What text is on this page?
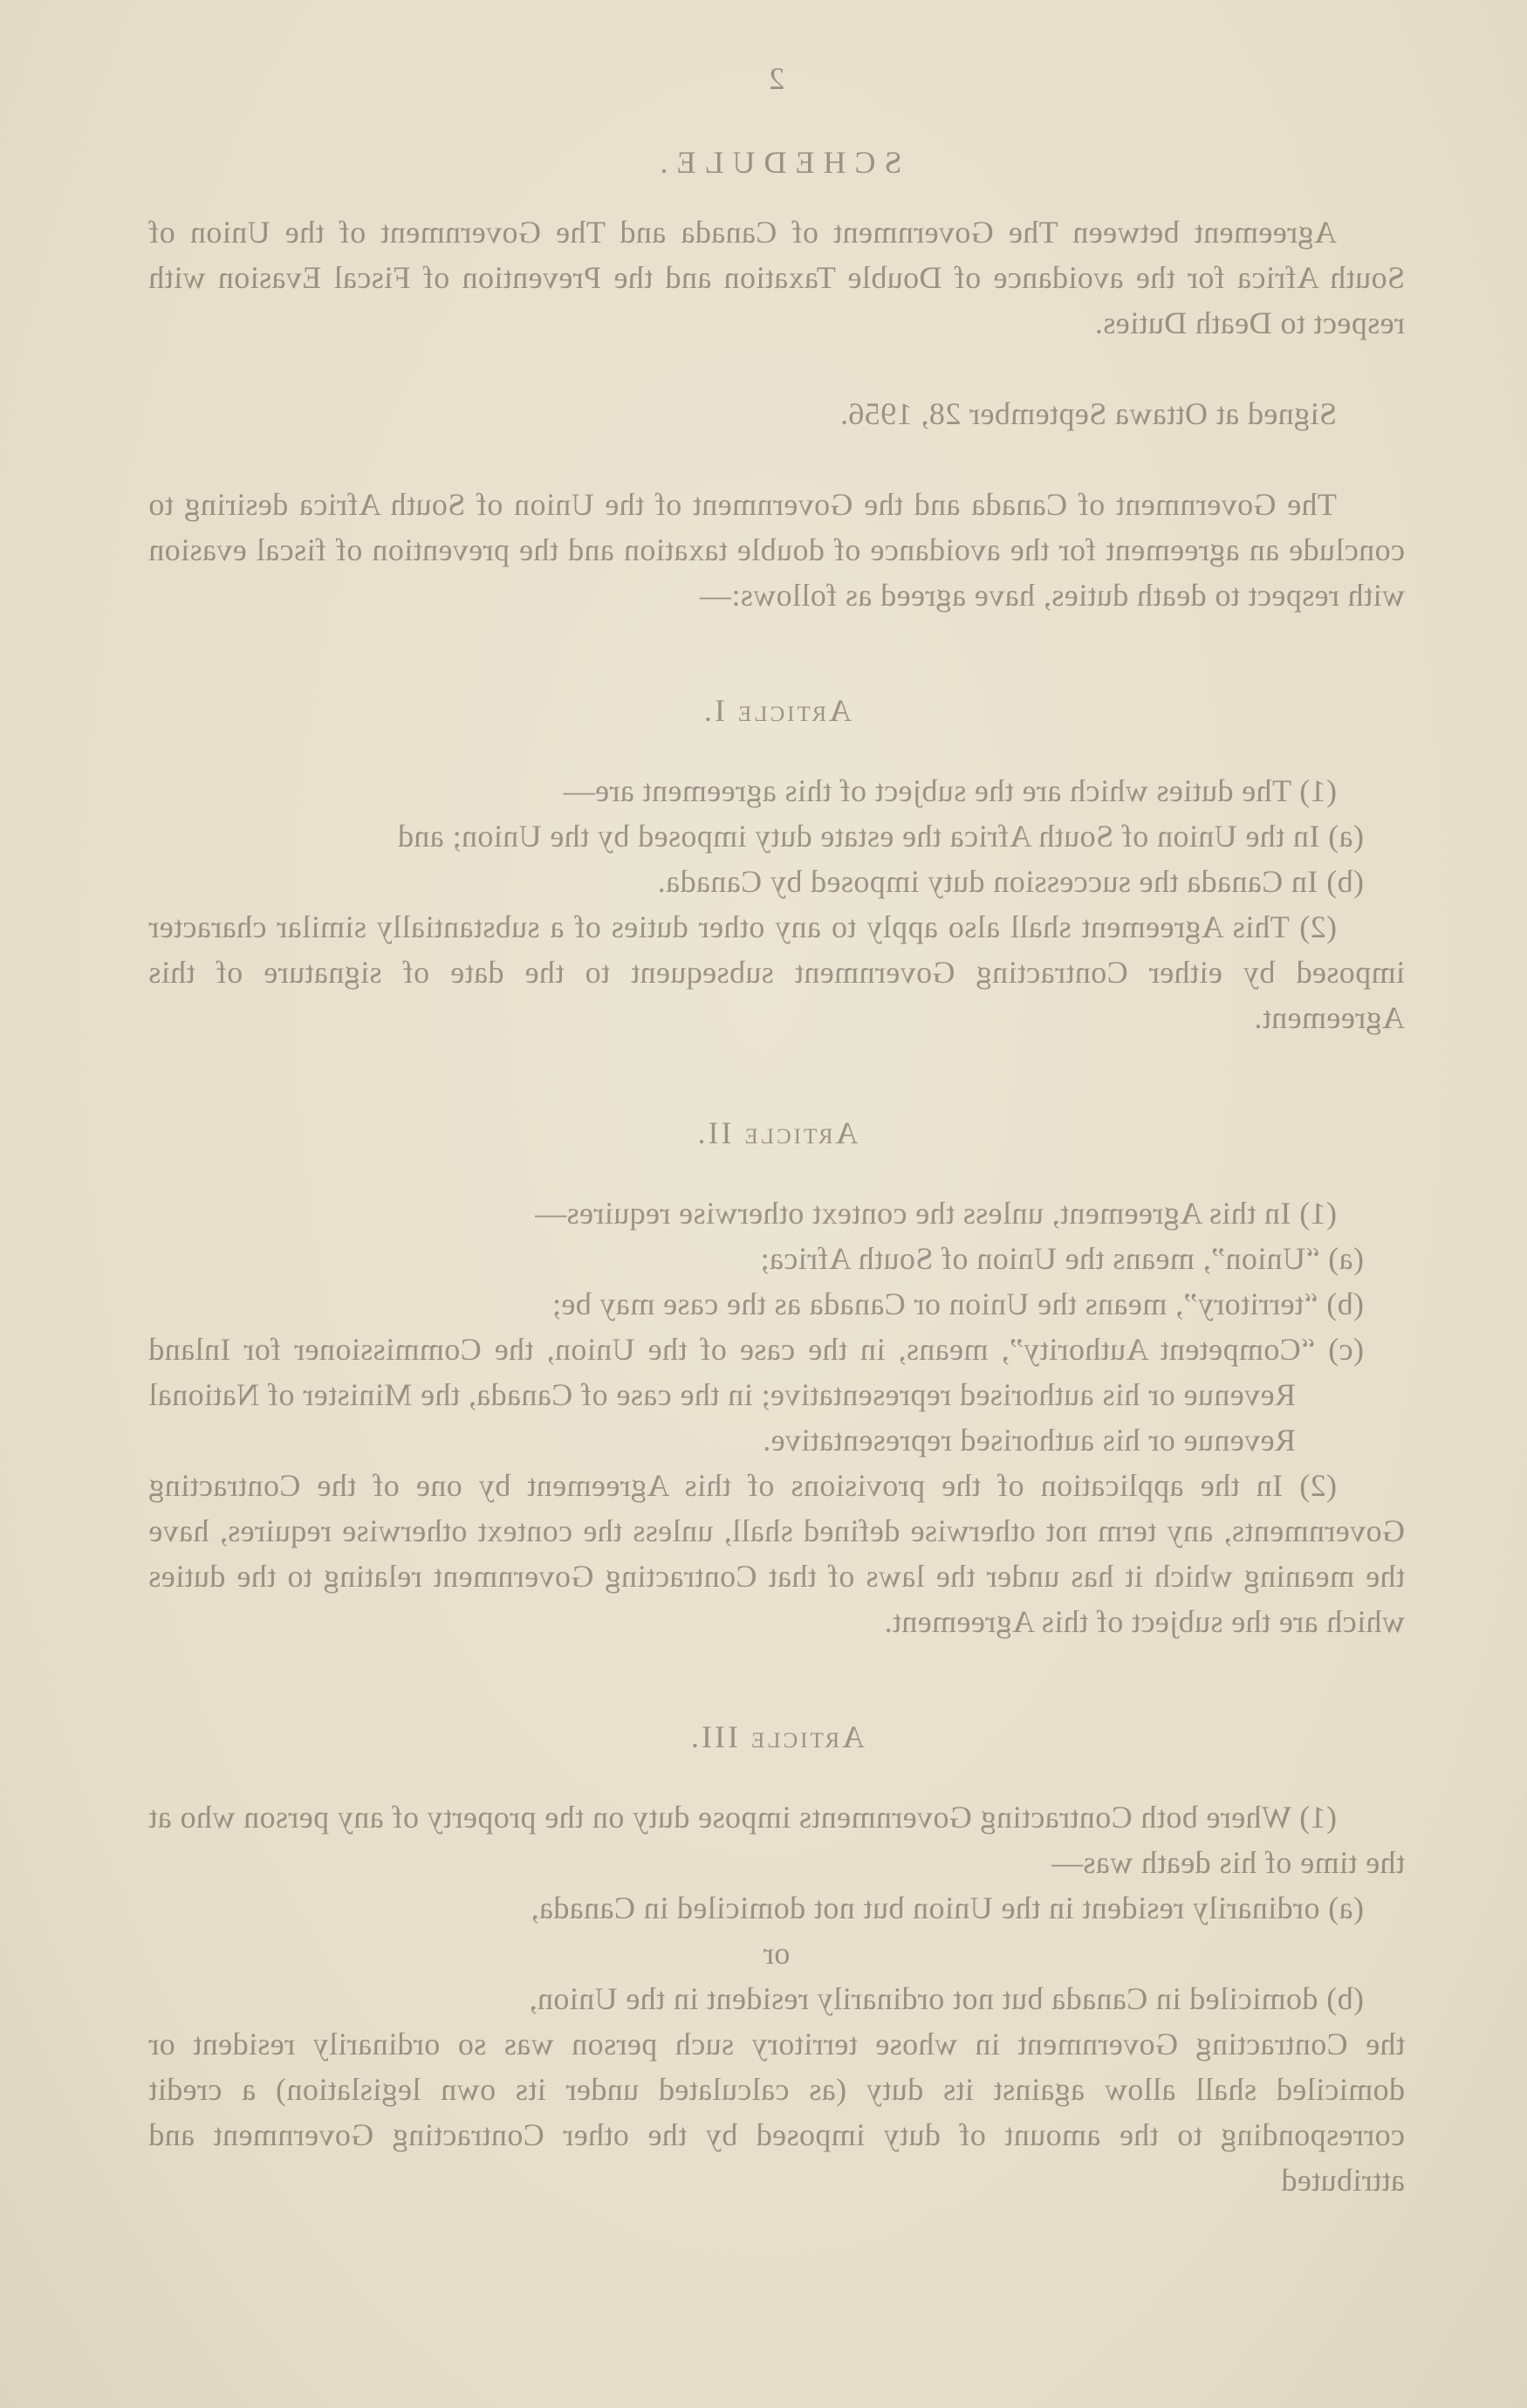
2
SCHEDULE.

Agreement between The Government of Canada and The Government of the Union of South Africa for the avoidance of Double Taxation and the Prevention of Fiscal Evasion with respect to Death Duties.

Signed at Ottawa September 28, 1956.

The Government of Canada and the Government of the Union of South Africa desiring to conclude an agreement for the avoidance of double taxation and the prevention of fiscal evasion with respect to death duties, have agreed as follows:—

Article I.

(1) The duties which are the subject of this agreement are—

(a) In the Union of South Africa the estate duty imposed by the Union; and

(b) In Canada the succession duty imposed by Canada.

(2) This Agreement shall also apply to any other duties of a substantially similar character imposed by either Contracting Government subsequent to the date of signature of this Agreement.

Article II.

(1) In this Agreement, unless the context otherwise requires—

(a) “Union”, means the Union of South Africa;

(b) “territory”, means the Union or Canada as the case may be;

(c) “Competent Authority”, means, in the case of the Union, the Commissioner for Inland Revenue or his authorised representative; in the case of Canada, the Minister of National Revenue or his authorised representative.

(2) In the application of the provisions of this Agreement by one of the Contracting Governments, any term not otherwise defined shall, unless the context otherwise requires, have the meaning which it has under the laws of that Contracting Government relating to the duties which are the subject of this Agreement.

Article III.

(1) Where both Contracting Governments impose duty on the property of any person who at the time of his death was—

(a) ordinarily resident in the Union but not domiciled in Canada,

or

(b) domiciled in Canada but not ordinarily resident in the Union,

the Contracting Government in whose territory such person was so ordinarily resident or domiciled shall allow against its duty (as calculated under its own legislation) a credit corresponding to the amount of duty imposed by the other Contracting Government and attributed
